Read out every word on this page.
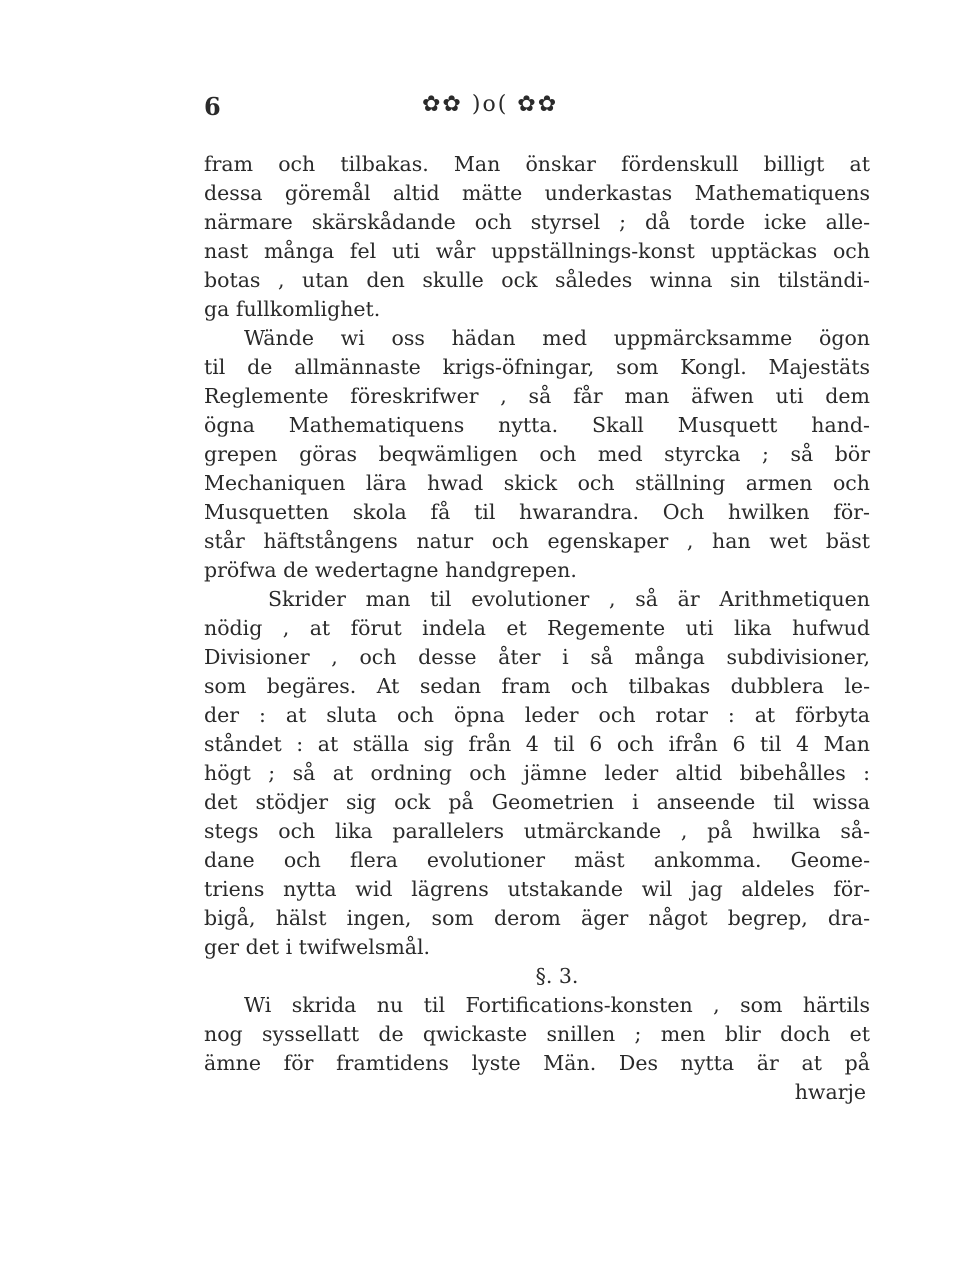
6	✿✿ )o( ✿✿
fram och tilbakas. Man önskar fördenskull billigt at
dessa göremål altid mätte underkastas Mathematiquens
närmare skärskådande och styrsel ; då torde icke alle-
nast många fel uti wår uppställnings-konst upptäckas och
botas , utan den skulle ock således winna sin tilständi-
ga fullkomlighet.
Wände wi oss hädan med uppmärcksamme ögon
til de allmännaste krigs-öfningar, som Kongl. Majestäts
Reglemente föreskrifwer , så får man äfwen uti dem
ögna Mathematiquens nytta. Skall Musquett hand-
grepen göras beqwämligen och med styrcka ; så bör
Mechaniquen lära hwad skick och ställning armen och
Musquetten skola få til hwarandra. Och hwilken för-
står häftstångens natur och egenskaper , han wet bäst
pröfwa de wedertagne handgrepen.
Skrider man til evolutioner , så är Arithmetiquen
nödig , at förut indela et Regemente uti lika hufwud
Divisioner , och desse åter i så många subdivisioner,
som begäres. At sedan fram och tilbakas dubblera le-
der : at sluta och öpna leder och rotar : at förbyta
ståndet : at ställa sig från 4 til 6 och ifrån 6 til 4 Man
högt ; så at ordning och jämne leder altid bibehålles :
det stödjer sig ock på Geometrien i anseende til wissa
stegs och lika parallelers utmärckande , på hwilka så-
dane och flera evolutioner mäst ankomma. Geome-
triens nytta wid lägrens utstakande wil jag aldeles för-
bigå, hälst ingen, som derom äger något begrep, dra-
ger det i twifwelsmål.
§. 3.
Wi skrida nu til Fortifications-konsten , som härtils
nog syssellatt de qwickaste snillen ; men blir doch et
ämne för framtidens lyste Män. Des nytta är at på
hwarje
